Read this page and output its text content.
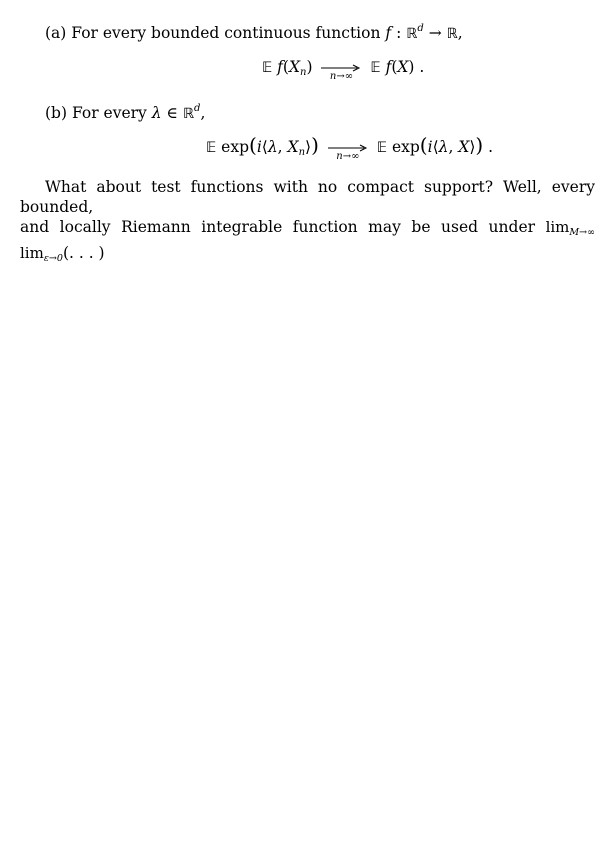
(a) For every bounded continuous function f : ℝ$^d$ → ℝ,
𝔼 $f(X_n)$
n→∞
𝔼 f(X) .
(b) For every λ ∈ ℝ$^d$,
𝔼 exp(i⟨λ, $X_n⟩$)	n→∞
𝔼 exp(i⟨λ, X⟩) .
What about test functions with no compact support? Well, every bounded,
and locally Riemann integrable function may be used under limM→∞ limε→0(. . . )
